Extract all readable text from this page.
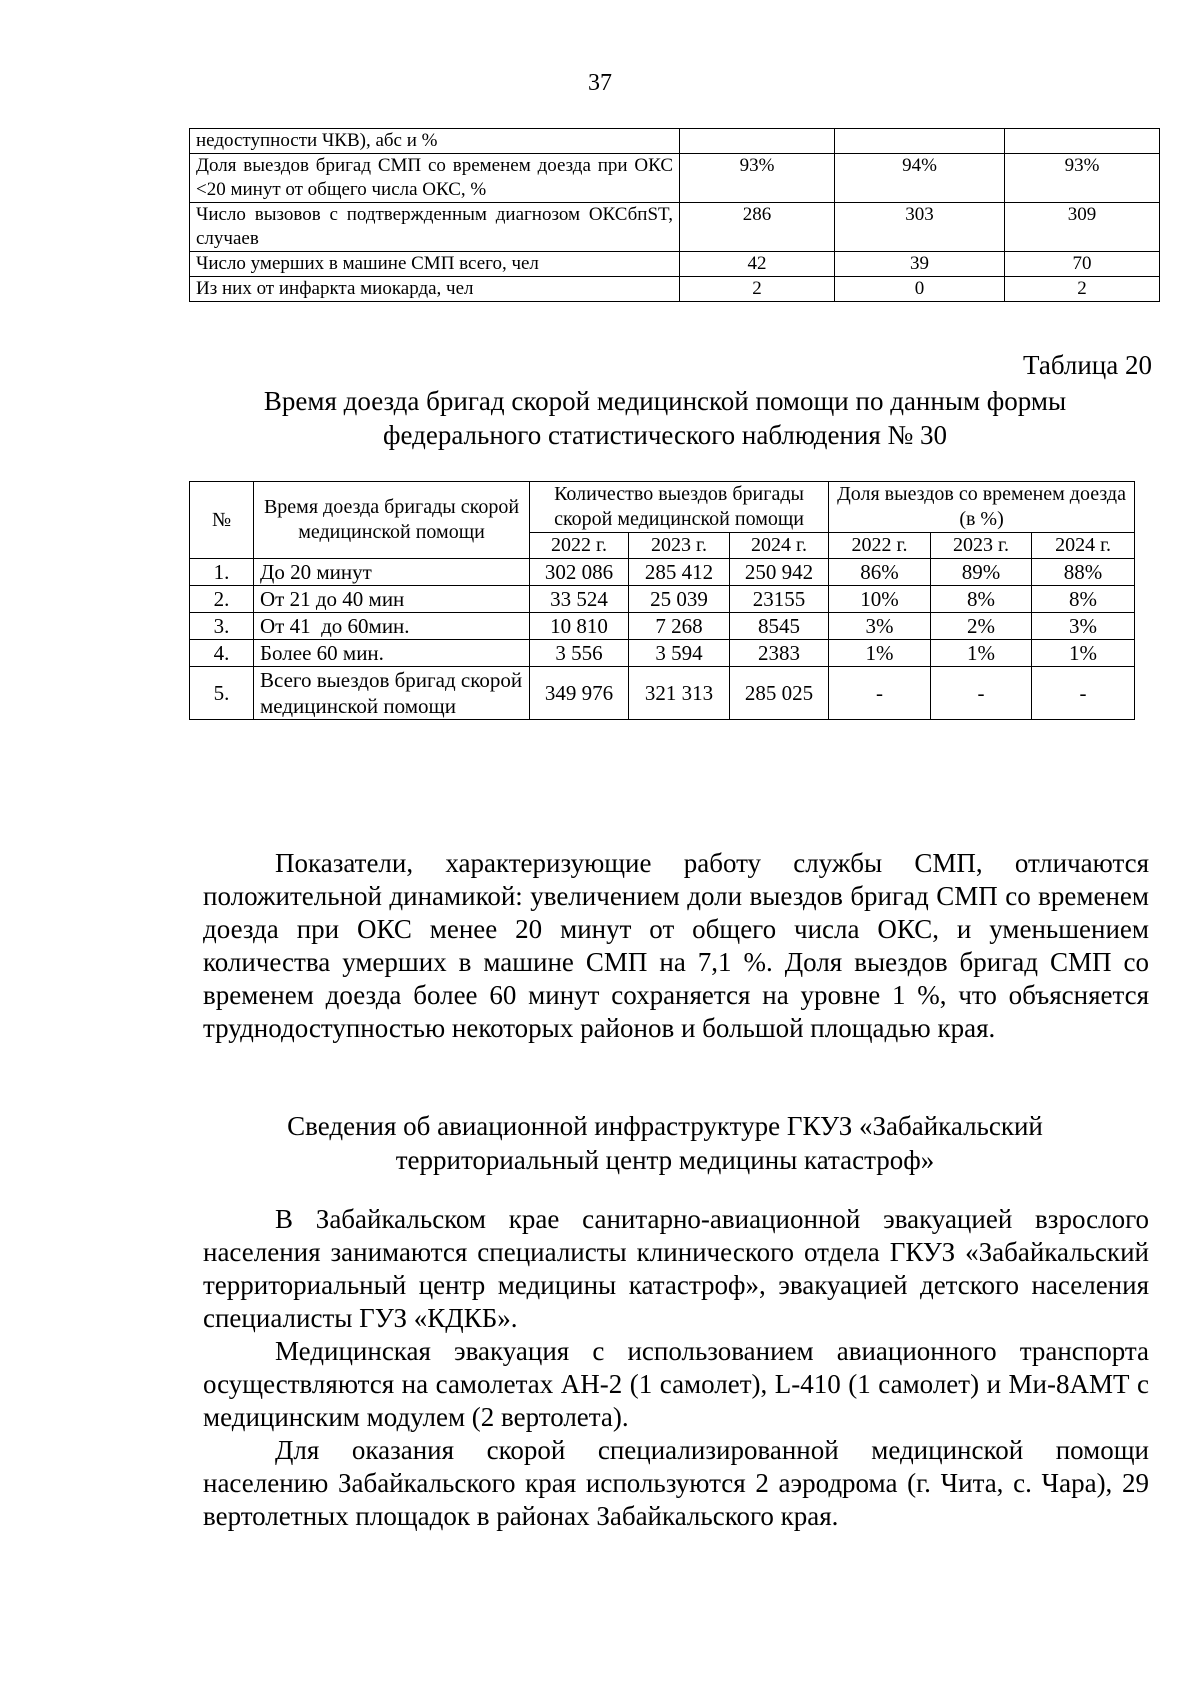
37
недоступности ЧКВ), абс и %			
Доля выездов бригад СМП со временем доезда при ОКС <20 минут от общего числа ОКС, %	93%	94%	93%
Число вызовов с подтвержденным диагнозом ОКСбпST, случаев	286	303	309
Число умерших в машине СМП всего, чел	42	39	70
Из них от инфаркта миокарда, чел	2	0	2
Таблица 20
Время доезда бригад скорой медицинской помощи по данным формы
федерального статистического наблюдения № 30
№	Время доезда бригады скорой медицинской помощи	Количество выездов бригады скорой медицинской помощи			Доля выездов со временем доезда (в %)		
		2022 г.	2023 г.	2024 г.	2022 г.	2023 г.	2024 г.
1.	До 20 минут	302 086	285 412	250 942	86%	89%	88%
2.	От 21 до 40 мин	33 524	25 039	23155	10%	8%	8%
3.	От 41  до 60мин.	10 810	7 268	8545	3%	2%	3%
4.	Более 60 мин.	3 556	3 594	2383	1%	1%	1%
5.	Всего выездов бригад скорой медицинской помощи	349 976	321 313	285 025	-	-	-

Показатели, характеризующие работу службы СМП, отличаются положительной динамикой: увеличением доли выездов бригад СМП со временем доезда при ОКС менее 20 минут от общего числа ОКС, и уменьшением количества умерших в машине СМП на 7,1 %. Доля выездов бригад СМП со временем доезда более 60 минут сохраняется на уровне 1 %, что объясняется труднодоступностью некоторых районов и большой площадью края.

Сведения об авиационной инфраструктуре ГКУЗ «Забайкальский
территориальный центр медицины катастроф»

В Забайкальском крае санитарно-авиационной эвакуацией взрослого населения занимаются специалисты клинического отдела ГКУЗ «Забайкальский территориальный центр медицины катастроф», эвакуацией детского населения специалисты ГУЗ «КДКБ».

Медицинская эвакуация с использованием авиационного транспорта осуществляются на самолетах АН-2 (1 самолет), L-410 (1 самолет) и Ми-8АМТ с медицинским модулем (2 вертолета).

Для оказания скорой специализированной медицинской помощи населению Забайкальского края используются 2 аэродрома (г. Чита, с. Чара), 29 вертолетных площадок в районах Забайкальского края.
